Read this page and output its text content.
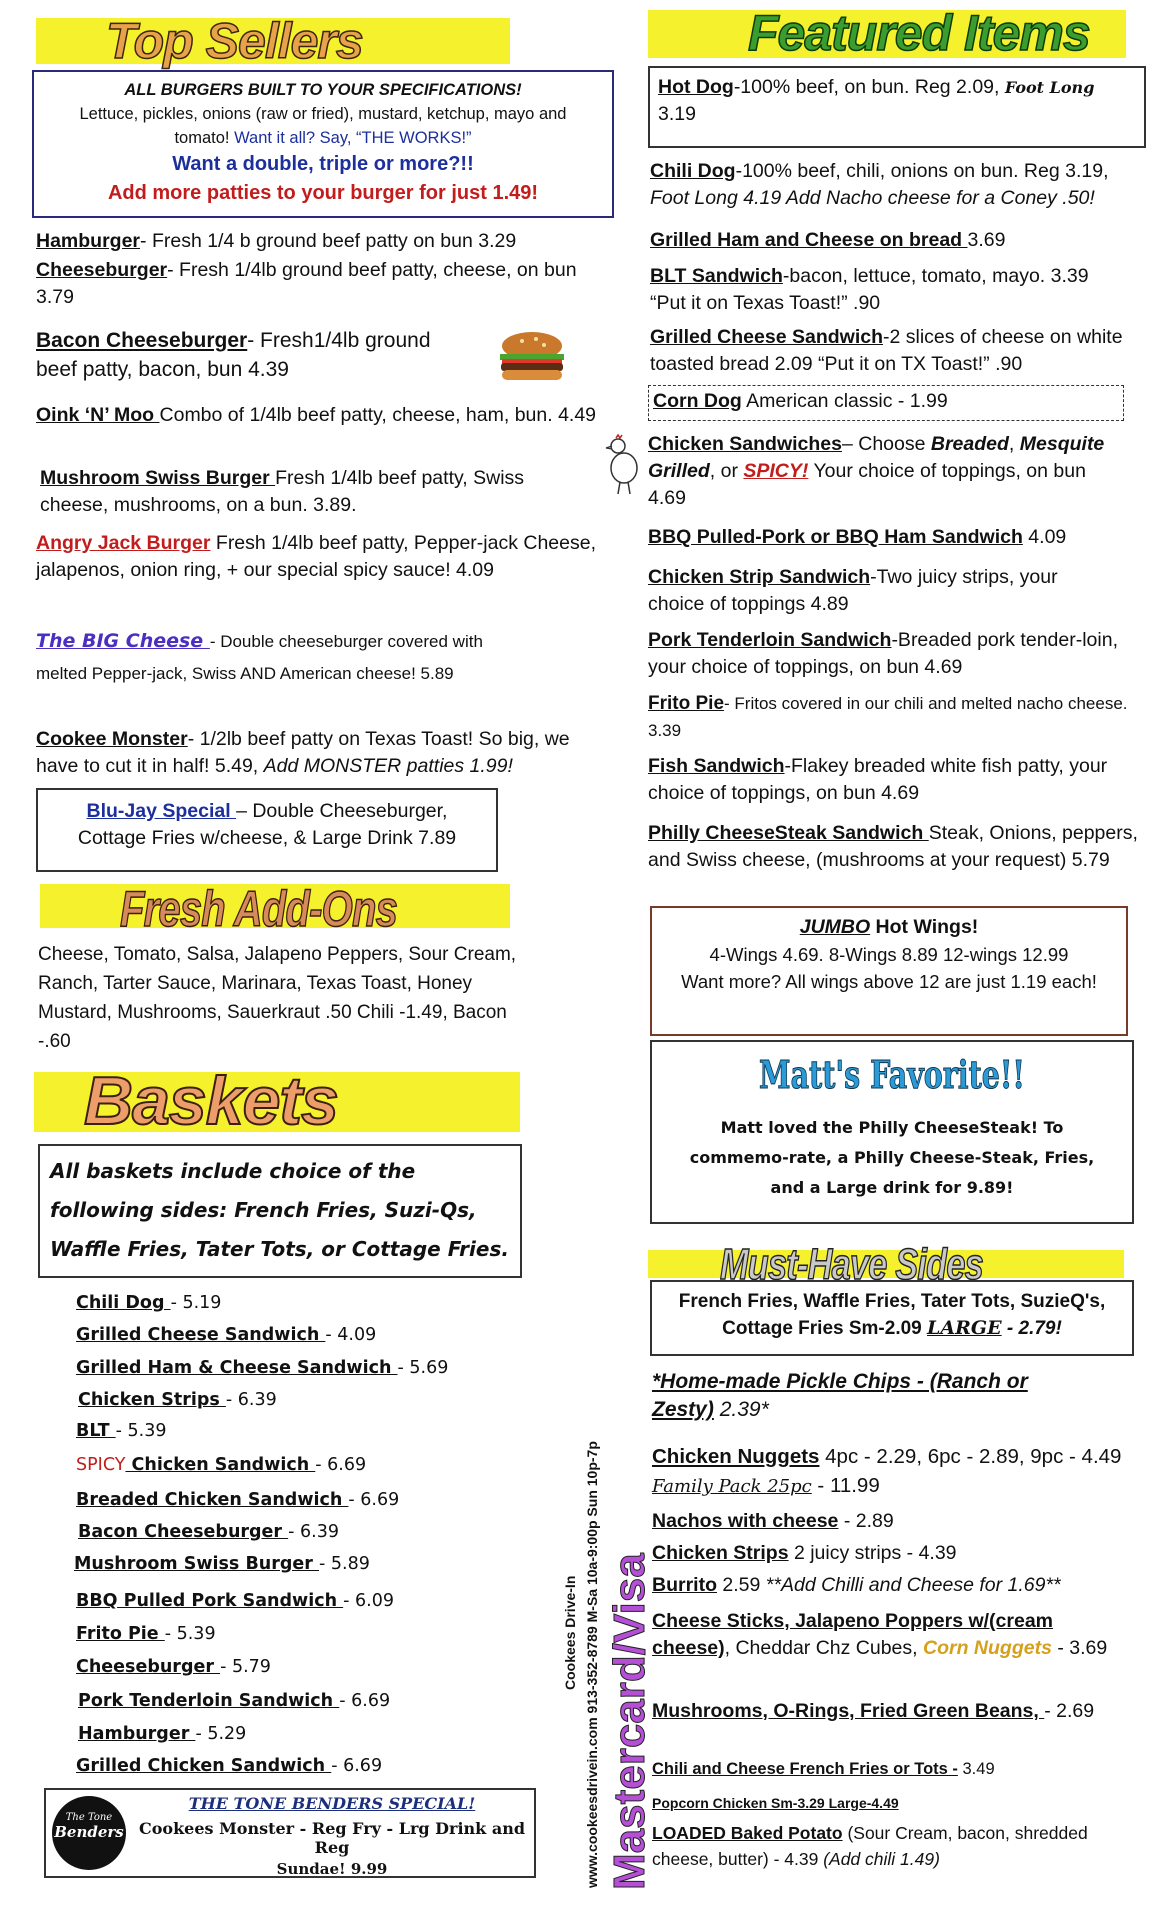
Top Sellers
ALL BURGERS BUILT TO YOUR SPECIFICATIONS!
Lettuce, pickles, onions (raw or fried), mustard, ketchup, mayo and
tomato! Want it all? Say, “THE WORKS!”
Want a double, triple or more?!!
Add more patties to your burger for just 1.49!
Hamburger- Fresh 1/4 b ground beef patty on bun 3.29
Cheeseburger- Fresh 1/4lb ground beef patty, cheese, on bun 3.79
Bacon Cheeseburger- Fresh1/4lb ground beef patty, bacon, bun 4.39
Oink ‘N’ Moo Combo of 1/4lb beef patty, cheese, ham, bun. 4.49
Mushroom Swiss Burger Fresh 1/4lb beef patty, Swiss cheese, mushrooms, on a bun. 3.89.
Angry Jack Burger Fresh 1/4lb beef patty, Pepper-jack Cheese, jalapenos, onion ring, + our special spicy sauce! 4.09
The BIG Cheese - Double cheeseburger covered with melted Pepper-jack, Swiss AND American cheese! 5.89
Cookee Monster- 1/2lb beef patty on Texas Toast! So big, we have to cut it in half! 5.49, Add MONSTER patties 1.99!
Blu-Jay Special – Double Cheeseburger,
Cottage Fries w/cheese, & Large Drink 7.89
Fresh Add-Ons
Cheese, Tomato, Salsa, Jalapeno Peppers, Sour Cream, Ranch, Tarter Sauce, Marinara, Texas Toast, Honey Mustard, Mushrooms, Sauerkraut .50 Chili -1.49, Bacon -.60
Baskets
All baskets include choice of the following sides: French Fries, Suzi-Qs, Waffle Fries, Tater Tots, or Cottage Fries.
Chili Dog - 5.19
Grilled Cheese Sandwich - 4.09
Grilled Ham & Cheese Sandwich - 5.69
Chicken Strips - 6.39
BLT - 5.39
SPICY Chicken Sandwich - 6.69
Breaded Chicken Sandwich - 6.69
Bacon Cheeseburger - 6.39
Mushroom Swiss Burger - 5.89
BBQ Pulled Pork Sandwich - 6.09
Frito Pie - 5.39
Cheeseburger - 5.79
Pork Tenderloin Sandwich - 6.69
Hamburger - 5.29
Grilled Chicken Sandwich - 6.69
The Tone
Benders
THE TONE BENDERS SPECIAL!
Cookees Monster - Reg Fry - Lrg Drink and Reg
Sundae! 9.99
Cookees Drive-In www.cookeesdrivein.com 913-352-8789 M-Sa 10a-9:00p Sun 10p-7p Mastercard/Visa
Featured Items
Hot Dog-100% beef, on bun. Reg 2.09, Foot Long
3.19
Chili Dog-100% beef, chili, onions on bun. Reg 3.19, Foot Long 4.19 Add Nacho cheese for a Coney .50!
Grilled Ham and Cheese on bread 3.69
BLT Sandwich-bacon, lettuce, tomato, mayo. 3.39 “Put it on Texas Toast!” .90
Grilled Cheese Sandwich-2 slices of cheese on white toasted bread 2.09 “Put it on TX Toast!” .90
Corn Dog American classic - 1.99
Chicken Sandwiches– Choose Breaded, Mesquite Grilled, or SPICY! Your choice of toppings, on bun 4.69
BBQ Pulled-Pork or BBQ Ham Sandwich 4.09
Chicken Strip Sandwich-Two juicy strips, your choice of toppings 4.89
Pork Tenderloin Sandwich-Breaded pork tender-loin, your choice of toppings, on bun 4.69
Frito Pie- Fritos covered in our chili and melted nacho cheese. 3.39
Fish Sandwich-Flakey breaded white fish patty, your choice of toppings, on bun 4.69
Philly CheeseSteak Sandwich Steak, Onions, peppers, and Swiss cheese, (mushrooms at your request) 5.79
JUMBO Hot Wings!
4-Wings 4.69. 8-Wings 8.89 12-wings 12.99
Want more? All wings above 12 are just 1.19 each!
Matt's Favorite!!
Matt loved the Philly CheeseSteak! To commemo-rate, a Philly Cheese-Steak, Fries, and a Large drink for 9.89!
Must-Have Sides
French Fries, Waffle Fries, Tater Tots, SuzieQ's,
Cottage Fries Sm-2.09 LARGE - 2.79!
*Home-made Pickle Chips - (Ranch or Zesty) 2.39*
Chicken Nuggets 4pc - 2.29, 6pc - 2.89, 9pc - 4.49 Family Pack 25pc - 11.99
Nachos with cheese - 2.89
Chicken Strips 2 juicy strips - 4.39
Burrito 2.59 **Add Chilli and Cheese for 1.69**
Cheese Sticks, Jalapeno Poppers w/(cream cheese), Cheddar Chz Cubes, Corn Nuggets - 3.69
Mushrooms, O-Rings, Fried Green Beans, - 2.69
Chili and Cheese French Fries or Tots - 3.49
Popcorn Chicken Sm-3.29 Large-4.49
LOADED Baked Potato (Sour Cream, bacon, shredded cheese, butter) - 4.39 (Add chili 1.49)
